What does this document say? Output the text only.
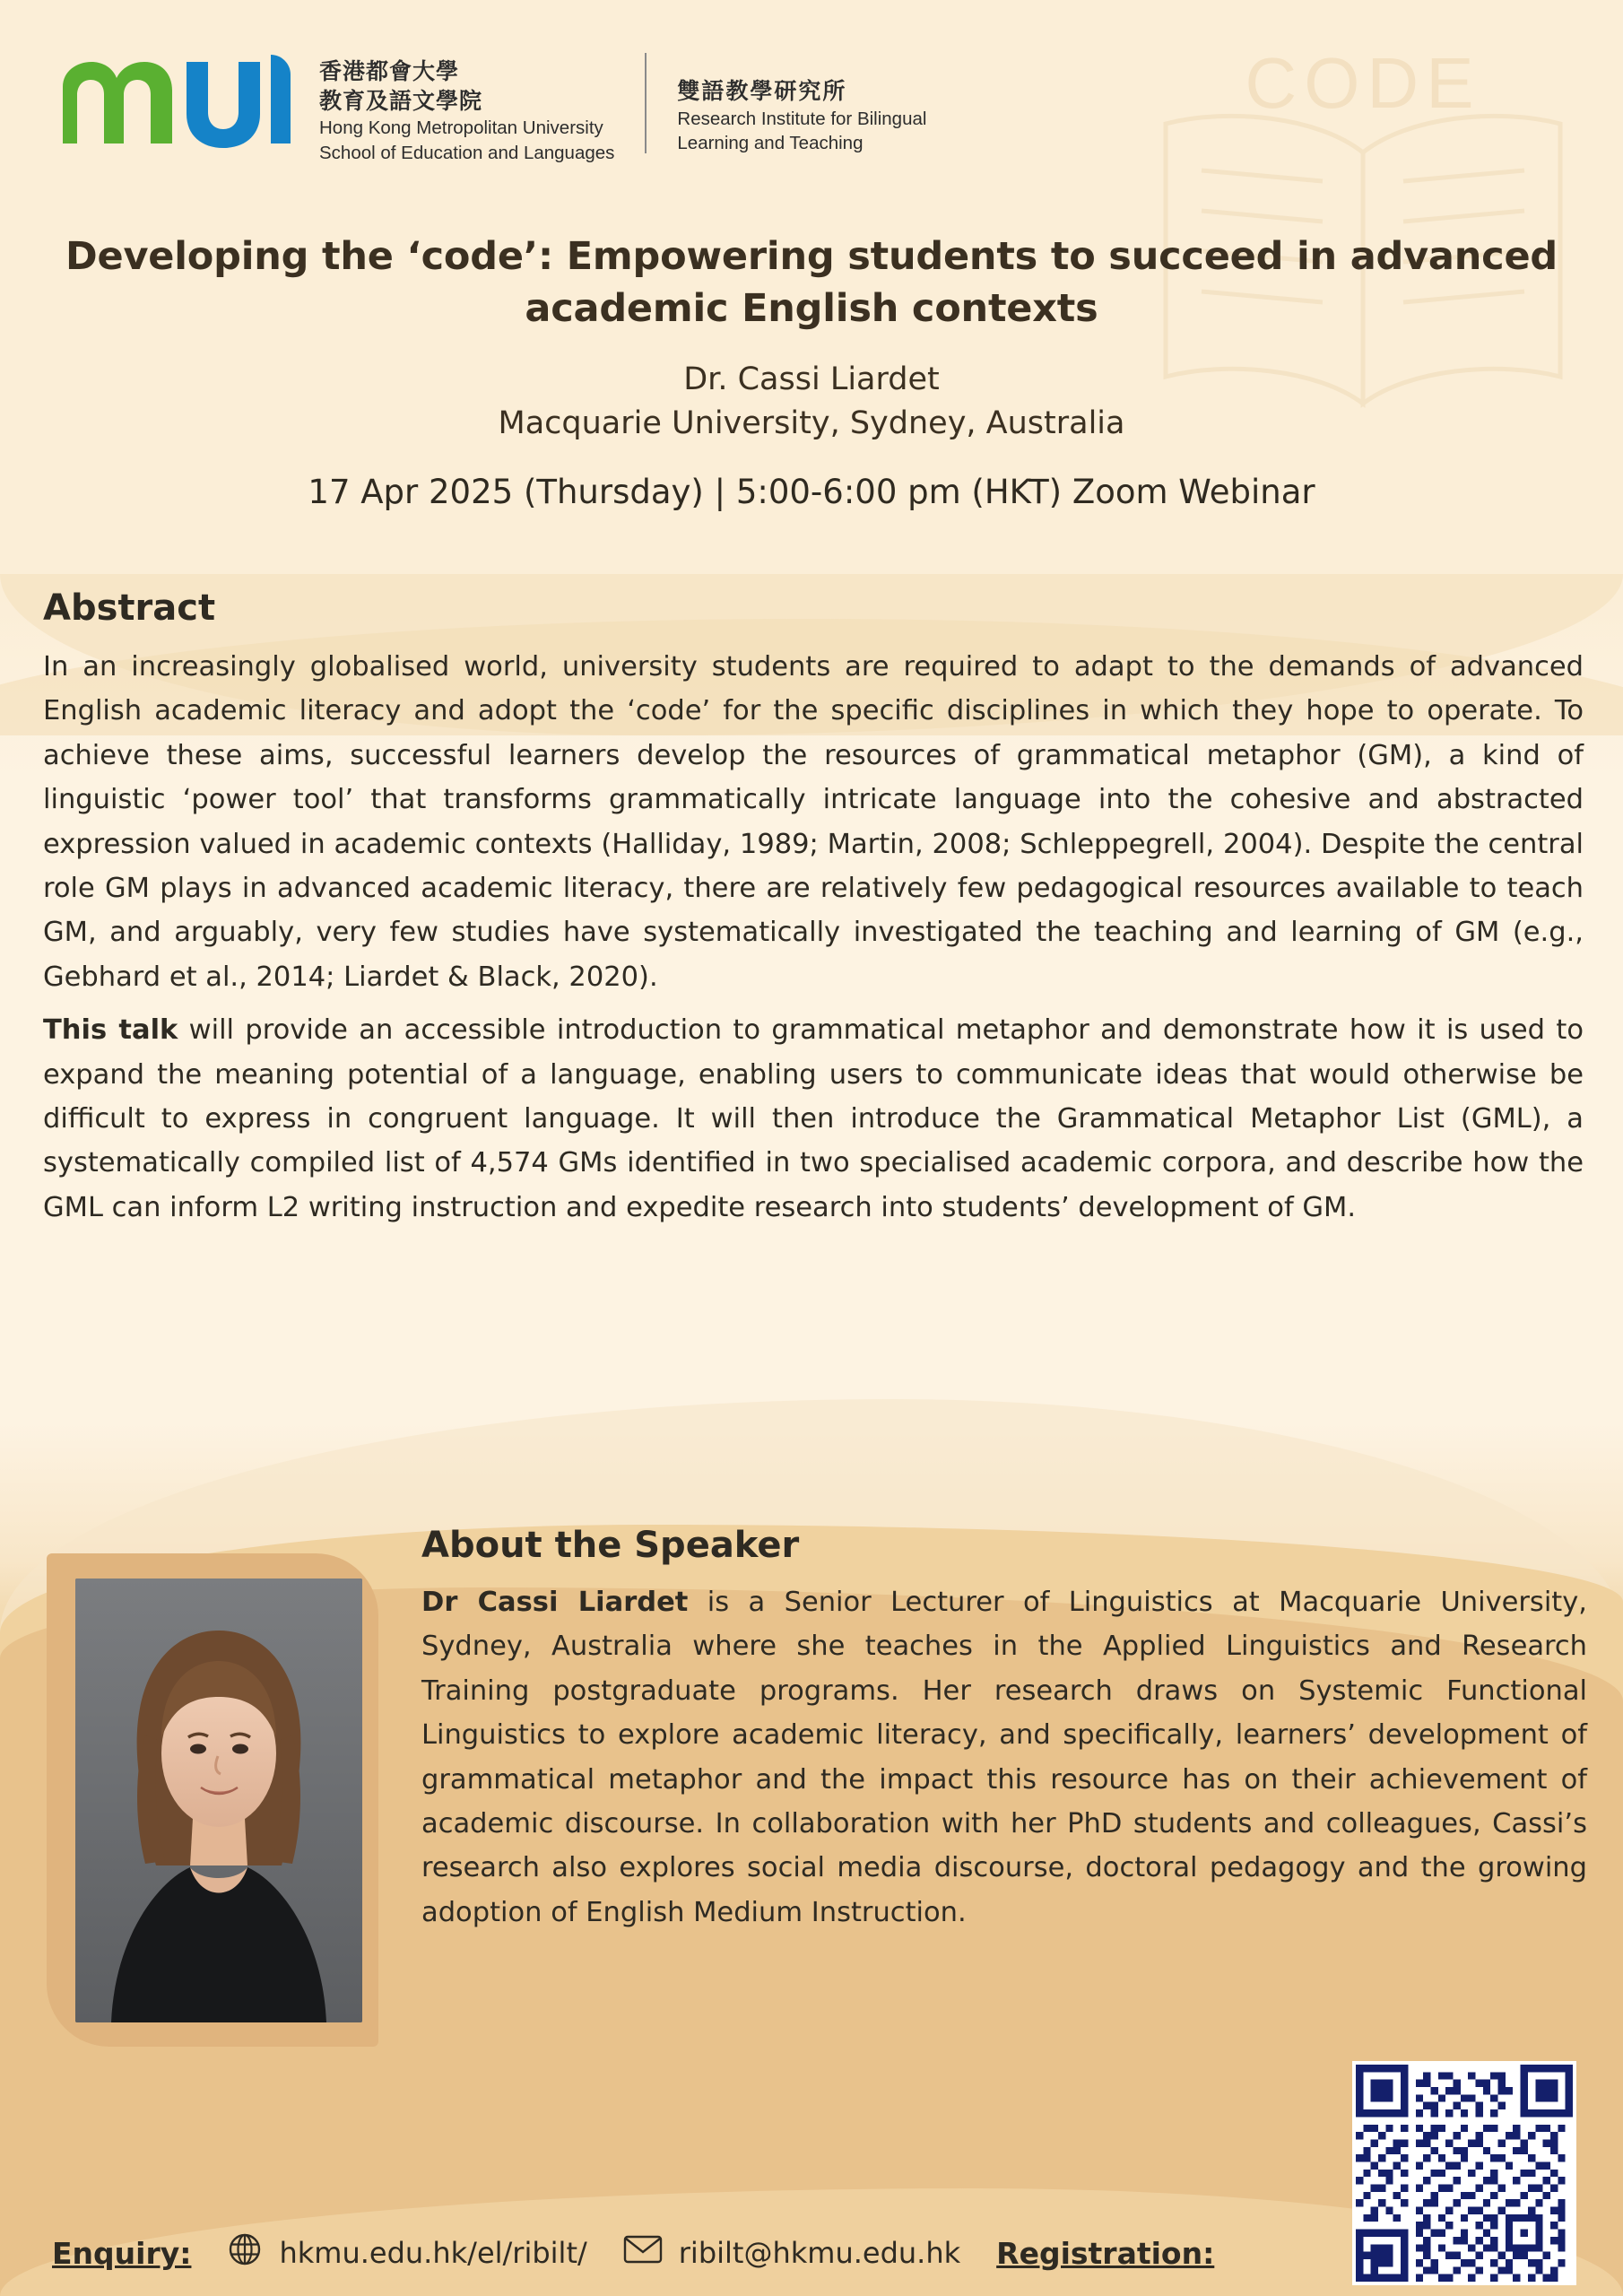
CODE
香港都會大學
教育及語文學院
Hong Kong Metropolitan University
School of Education and Languages
雙語教學研究所
Research Institute for Bilingual
Learning and Teaching
Developing the ‘code’: Empowering students to succeed in advanced academic English contexts
Dr. Cassi Liardet
Macquarie University, Sydney, Australia
17 Apr 2025 (Thursday) | 5:00-6:00 pm (HKT) Zoom Webinar
Abstract
In an increasingly globalised world, university students are required to adapt to the demands of advanced English academic literacy and adopt the ‘code’ for the specific disciplines in which they hope to operate. To achieve these aims, successful learners develop the resources of grammatical metaphor (GM), a kind of linguistic ‘power tool’ that transforms grammatically intricate language into the cohesive and abstracted expression valued in academic contexts (Halliday, 1989; Martin, 2008; Schleppegrell, 2004). Despite the central role GM plays in advanced academic literacy, there are relatively few pedagogical resources available to teach GM, and arguably, very few studies have systematically investigated the teaching and learning of GM (e.g., Gebhard et al., 2014; Liardet & Black, 2020).
This talk will provide an accessible introduction to grammatical metaphor and demonstrate how it is used to expand the meaning potential of a language, enabling users to communicate ideas that would otherwise be difficult to express in congruent language. It will then introduce the Grammatical Metaphor List (GML), a systematically compiled list of 4,574 GMs identified in two specialised academic corpora, and describe how the GML can inform L2 writing instruction and expedite research into students’ development of GM.
About the Speaker
Dr Cassi Liardet is a Senior Lecturer of Linguistics at Macquarie University, Sydney, Australia where she teaches in the Applied Linguistics and Research Training postgraduate programs. Her research draws on Systemic Functional Linguistics to explore academic literacy, and specifically, learners’ development of grammatical metaphor and the impact this resource has on their achievement of academic discourse. In collaboration with her PhD students and colleagues, Cassi’s research also explores social media discourse, doctoral pedagogy and the growing adoption of English Medium Instruction.
Enquiry:	hkmu.edu.hk/el/ribilt/	ribilt@hkmu.edu.hk Registration:
